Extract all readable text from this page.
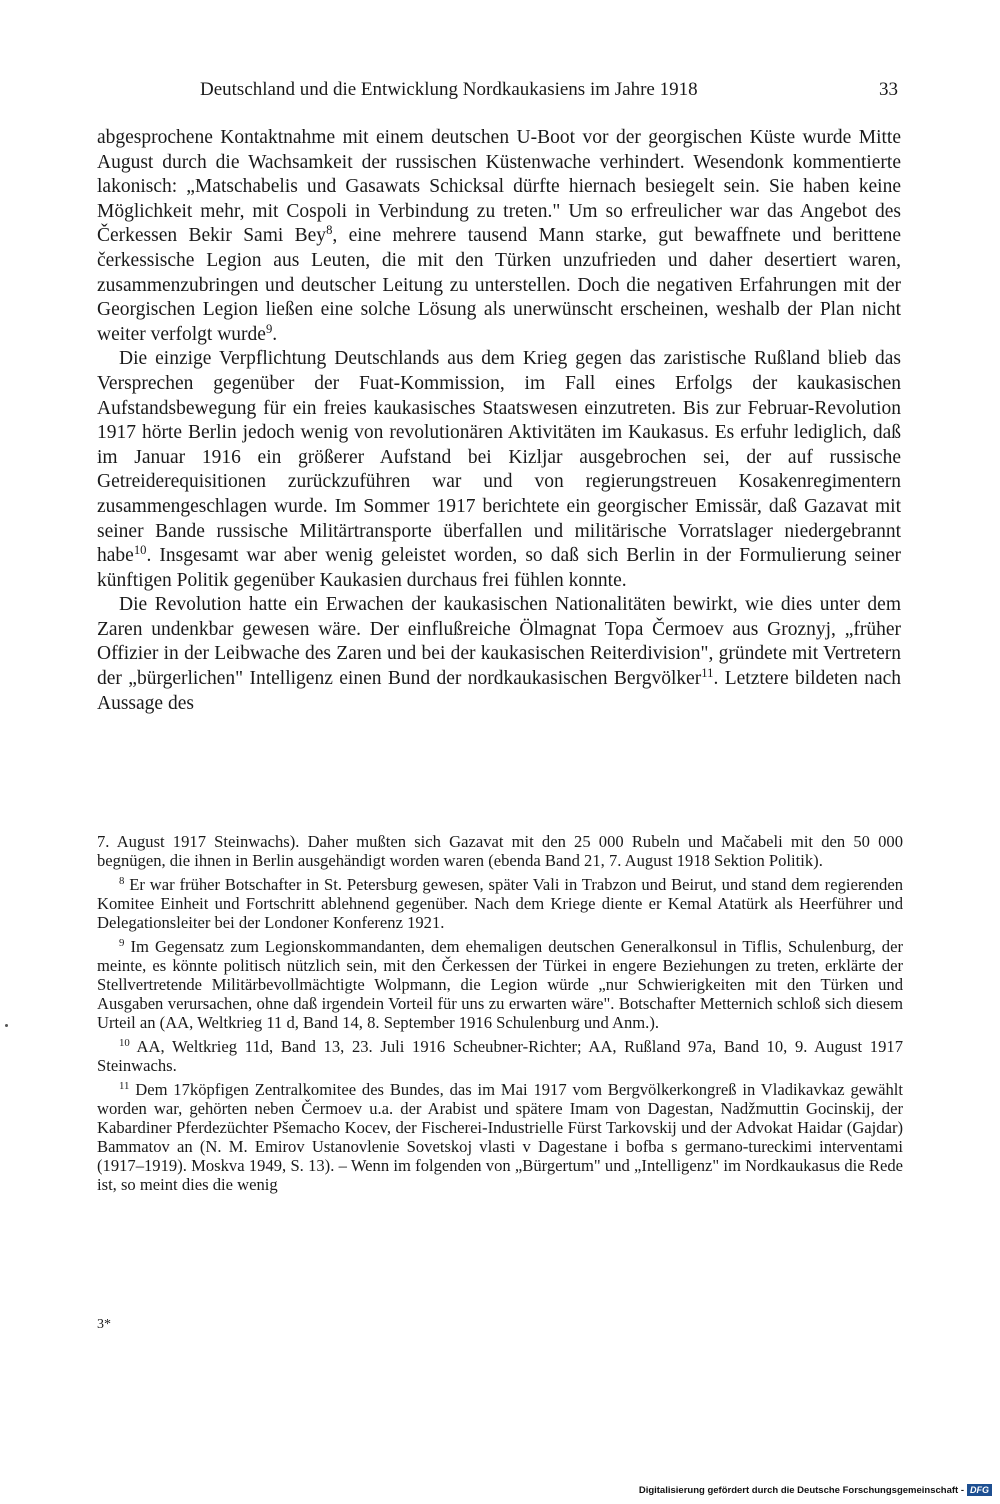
Deutschland und die Entwicklung Nordkaukasiens im Jahre 1918	33

abgesprochene Kontaktnahme mit einem deutschen U-Boot vor der georgischen Küste wurde Mitte August durch die Wachsamkeit der russischen Küstenwache verhindert. Wesendonk kommentierte lakonisch: „Matschabelis und Gasawats Schicksal dürfte hiernach besiegelt sein. Sie haben keine Möglichkeit mehr, mit Cospoli in Verbindung zu treten." Um so erfreulicher war das Angebot des Čerkessen Bekir Sami Bey$^8$, eine mehrere tausend Mann starke, gut bewaffnete und berittene čerkessische Legion aus Leuten, die mit den Türken unzufrieden und daher desertiert waren, zusammenzubringen und deutscher Leitung zu unterstellen. Doch die negativen Erfahrungen mit der Georgischen Legion ließen eine solche Lösung als unerwünscht erscheinen, weshalb der Plan nicht weiter verfolgt wurde$^9$.

Die einzige Verpflichtung Deutschlands aus dem Krieg gegen das zaristische Rußland blieb das Versprechen gegenüber der Fuat-Kommission, im Fall eines Erfolgs der kaukasischen Aufstandsbewegung für ein freies kaukasisches Staatswesen einzutreten. Bis zur Februar-Revolution 1917 hörte Berlin jedoch wenig von revolutionären Aktivitäten im Kaukasus. Es erfuhr lediglich, daß im Januar 1916 ein größerer Aufstand bei Kizljar ausgebrochen sei, der auf russische Getreiderequisitionen zurückzuführen war und von regierungstreuen Kosakenregimentern zusammengeschlagen wurde. Im Sommer 1917 berichtete ein georgischer Emissär, daß Gazavat mit seiner Bande russische Militärtransporte überfallen und militärische Vorratslager niedergebrannt habe$^{10}$. Insgesamt war aber wenig geleistet worden, so daß sich Berlin in der Formulierung seiner künftigen Politik gegenüber Kaukasien durchaus frei fühlen konnte.

Die Revolution hatte ein Erwachen der kaukasischen Nationalitäten bewirkt, wie dies unter dem Zaren undenkbar gewesen wäre. Der einflußreiche Ölmagnat Topa Čermoev aus Groznyj, „früher Offizier in der Leibwache des Zaren und bei der kaukasischen Reiterdivision", gründete mit Vertretern der „bürgerlichen" Intelligenz einen Bund der nordkaukasischen Bergvölker$^{11}$. Letztere bildeten nach Aussage des

7. August 1917 Steinwachs). Daher mußten sich Gazavat mit den 25 000 Rubeln und Mačabeli mit den 50 000 begnügen, die ihnen in Berlin ausgehändigt worden waren (ebenda Band 21, 7. August 1918 Sektion Politik).

$^8$ Er war früher Botschafter in St. Petersburg gewesen, später Vali in Trabzon und Beirut, und stand dem regierenden Komitee Einheit und Fortschritt ablehnend gegenüber. Nach dem Kriege diente er Kemal Atatürk als Heerführer und Delegationsleiter bei der Londoner Konferenz 1921.

$^9$ Im Gegensatz zum Legionskommandanten, dem ehemaligen deutschen Generalkonsul in Tiflis, Schulenburg, der meinte, es könnte politisch nützlich sein, mit den Čerkessen der Türkei in engere Beziehungen zu treten, erklärte der Stellvertretende Militärbevollmächtigte Wolpmann, die Legion würde „nur Schwierigkeiten mit den Türken und Ausgaben verursachen, ohne daß irgendein Vorteil für uns zu erwarten wäre". Botschafter Metternich schloß sich diesem Urteil an (AA, Weltkrieg 11 d, Band 14, 8. September 1916 Schulenburg und Anm.).

$^{10}$ AA, Weltkrieg 11d, Band 13, 23. Juli 1916 Scheubner-Richter; AA, Rußland 97a, Band 10, 9. August 1917 Steinwachs.

$^{11}$ Dem 17köpfigen Zentralkomitee des Bundes, das im Mai 1917 vom Bergvölkerkongreß in Vladikavkaz gewählt worden war, gehörten neben Čermoev u.a. der Arabist und spätere Imam von Dagestan, Nadžmuttin Gocinskij, der Kabardiner Pferdezüchter Pšemacho Kocev, der Fischerei-Industrielle Fürst Tarkovskij und der Advokat Haidar (Gajdar) Bammatov an (N. M. Emirov Ustanovlenie Sovetskoj vlasti v Dagestane i bofba s germano-tureckimi interventami (1917–1919). Moskva 1949, S. 13). – Wenn im folgenden von „Bürgertum" und „Intelligenz" im Nordkaukasus die Rede ist, so meint dies die wenig

3*
Digitalisierung gefördert durch die Deutsche Forschungsgemeinschaft - DFG
